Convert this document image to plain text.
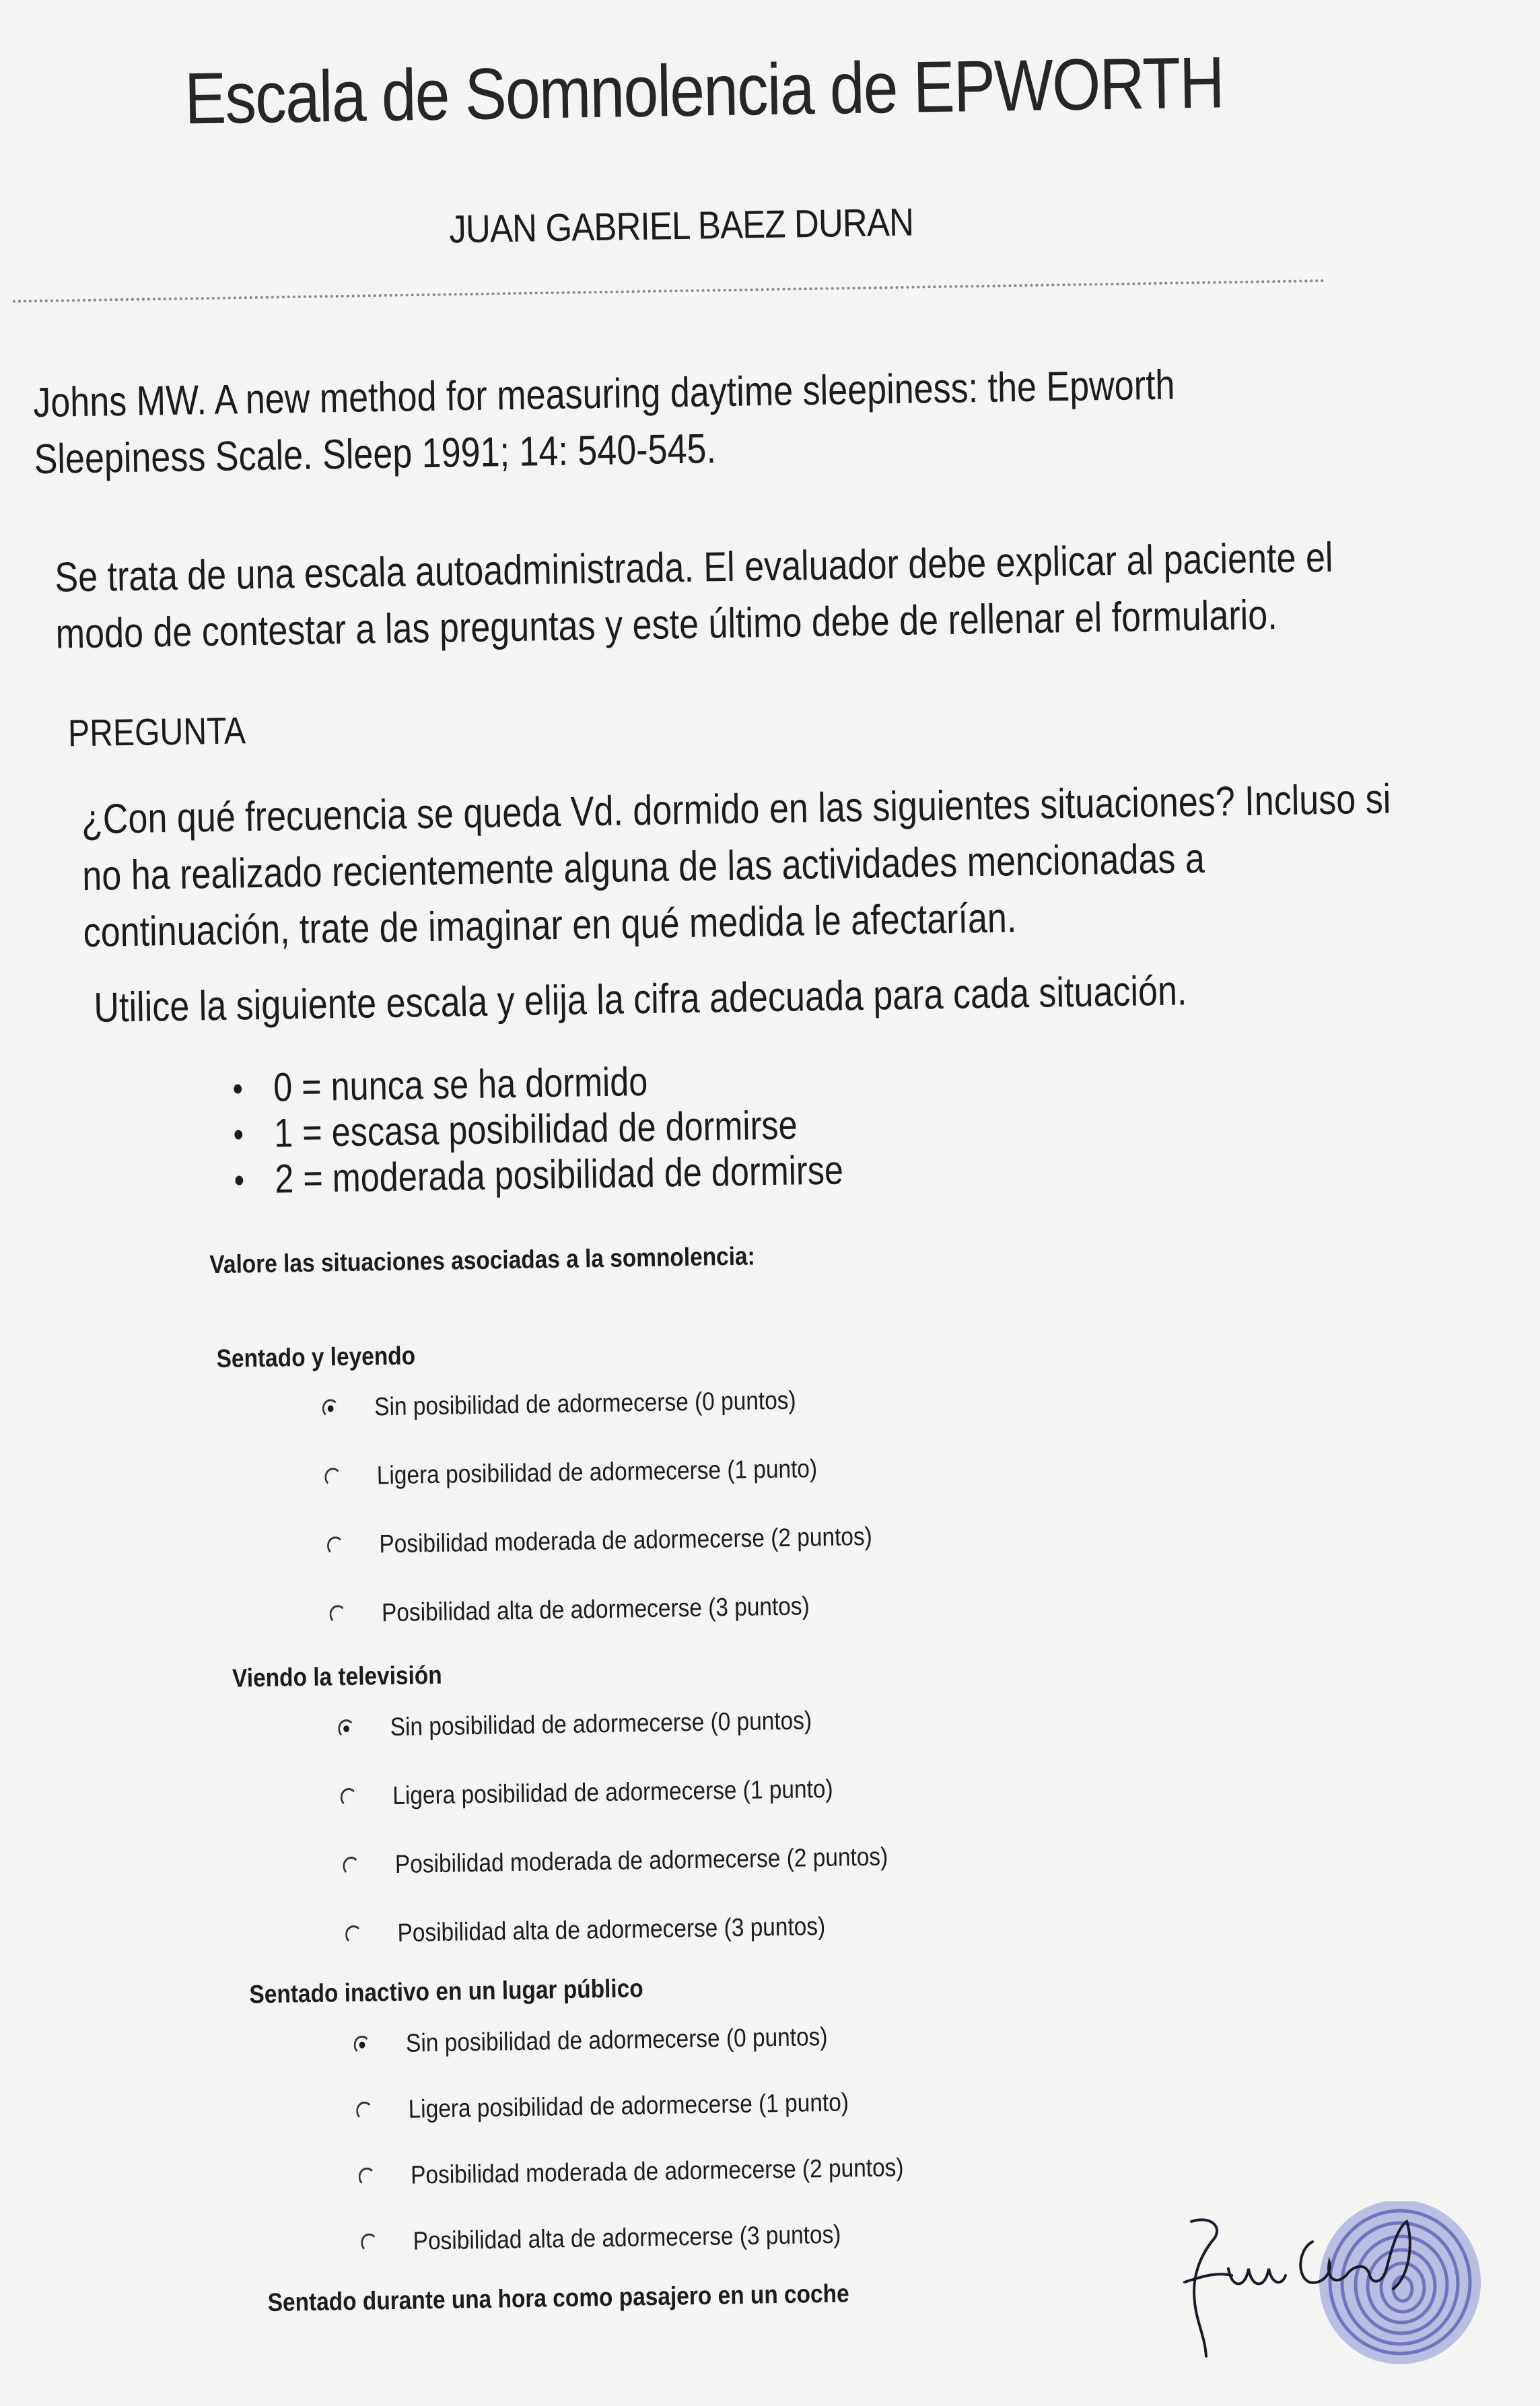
Escala de Somnolencia de EPWORTH
JUAN GABRIEL BAEZ DURAN
Johns MW. A new method for measuring daytime sleepiness: the Epworth
Sleepiness Scale. Sleep 1991; 14: 540-545.
Se trata de una escala autoadministrada. El evaluador debe explicar al paciente el
modo de contestar a las preguntas y este último debe de rellenar el formulario.
PREGUNTA
¿Con qué frecuencia se queda Vd. dormido en las siguientes situaciones? Incluso si
no ha realizado recientemente alguna de las actividades mencionadas a
continuación, trate de imaginar en qué medida le afectarían.
Utilice la siguiente escala y elija la cifra adecuada para cada situación.
0 = nunca se ha dormido
1 = escasa posibilidad de dormirse
2 = moderada posibilidad de dormirse
Valore las situaciones asociadas a la somnolencia:
Sentado y leyendo
Sin posibilidad de adormecerse (0 puntos)
Ligera posibilidad de adormecerse (1 punto)
Posibilidad moderada de adormecerse (2 puntos)
Posibilidad alta de adormecerse (3 puntos)
Viendo la televisión
Sin posibilidad de adormecerse (0 puntos)
Ligera posibilidad de adormecerse (1 punto)
Posibilidad moderada de adormecerse (2 puntos)
Posibilidad alta de adormecerse (3 puntos)
Sentado inactivo en un lugar público
Sin posibilidad de adormecerse (0 puntos)
Ligera posibilidad de adormecerse (1 punto)
Posibilidad moderada de adormecerse (2 puntos)
Posibilidad alta de adormecerse (3 puntos)
Sentado durante una hora como pasajero en un coche
